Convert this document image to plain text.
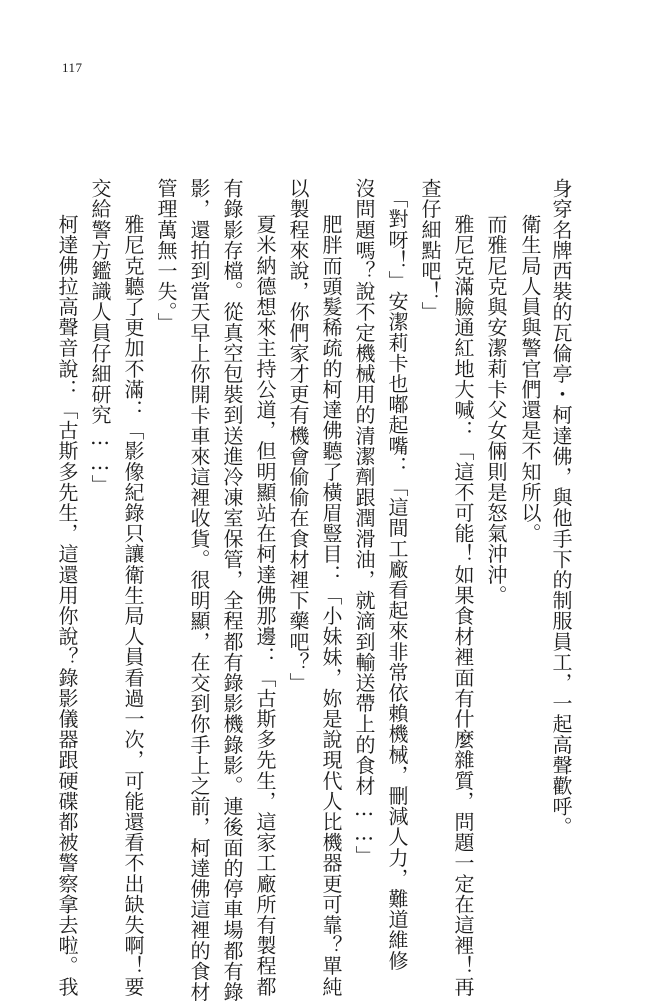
117
身穿名牌西裝的瓦倫亭・柯達佛，與他手下的制服員工，一起高聲歡呼。
衛生局人員與警官們還是不知所以。
而雅尼克與安潔莉卡父女倆則是怒氣沖沖。
雅尼克滿臉通紅地大喊：「這不可能！如果食材裡面有什麼雜質，問題一定在這裡！再
查仔細點吧！」
「對呀！」安潔莉卡也嘟起嘴：「這間工廠看起來非常依賴機械，刪減人力，難道維修
沒問題嗎？說不定機械用的清潔劑跟潤滑油，就滴到輸送帶上的食材……」
肥胖而頭髮稀疏的柯達佛聽了橫眉豎目：「小妹妹，妳是說現代人比機器更可靠？單純
以製程來說，你們家才更有機會偷偷在食材裡下藥吧？」
夏米納德想來主持公道，但明顯站在柯達佛那邊：「古斯多先生，這家工廠所有製程都
有錄影存檔。從真空包裝到送進冷凍室保管，全程都有錄影機錄影。連後面的停車場都有錄
影，還拍到當天早上你開卡車來這裡收貨。很明顯，在交到你手上之前，柯達佛這裡的食材
管理萬無一失。」
雅尼克聽了更加不滿：「影像紀錄只讓衛生局人員看過一次，可能還看不出缺失啊！要
交給警方鑑識人員仔細研究……」
柯達佛拉高聲音說：「古斯多先生，這還用你說？錄影儀器跟硬碟都被警察拿去啦。我
